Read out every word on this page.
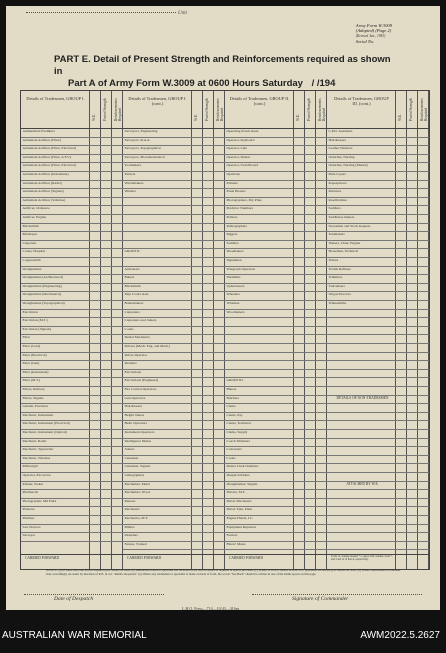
Unit
Army Form W.3009
(Adapted) (Page 2)
(Revised Jan., 1943)
Serial No.
PART E. Detail of Present Strength and Reinforcements required as shown in
Part A of Army Form W.3009 at 0600 Hours Saturday / /194
Details of Tradesmen, GROUP I.
W.E. Posted Strength Reinforcements Required
Ammunition Examiner
Armament Artificer (Fitter)
Armament Artificer (Fitter, Electrical)
Armament Artificer (Fitter, A.F.V.)
Armament Artificer (Fitter, Electrical)
Armament Artificer (Instrument)
Armament Artificer (Radio)
Armament Artificer (Signals)
Armament Artificer (Vehicles)
Artificer, Ordnance
Artificer, Engine
Blacksmith
Bricklayer
Carpenter
Cooks, Hospital
Coppersmith
Draughtsman
Draughtsman (Architectural)
Draughtsman (Engineering)
Draughtsman (Mechanical)
Draughtsman (Topographical)
Electrician
Electrician (M.T.)
Electrician (Signals)
Fitter
Fitter (Cold)
Fitter (Electrical)
Fitter (Gun)
Fitter (Instrument)
Fitter (M.T.)
Fitters, Railway
Fitters, Signals
Grinder, Precision
Mechanic, Instrument
Mechanic, Instrument (Electrical)
Mechanic, Instrument (Optical)
Mechanic, Radio
Mechanic, Typewriter
Mechanic, Wireless
Millwright
Operator, Excavator
Painter, Stoker
Pharmacist
Photographer, Mil Field
Plasterer
Plumber
Saw Doctors
Surveyor
CARRIED FORWARD
Details of Tradesmen, GROUP I. (cont.)
W.E. Posted Strength Reinforcements Required
Surveyors, Engineering
Surveyors, R.A.A.
Surveyors, Topographical
Surveyors, Photomechanical
Toolmakers
Turners
Watchmakers
Welders
GROUP II.
Armourers
Bakers
Blacksmith
Ship Cook's Asst.
Boilermakers
Carpenters
Carpenters and Joiners
Cooks
Dental Mechanics
Drivers (Mech. Eng. and Mach.)
Driver-Operator
Drainers
Electricians
Electricians (Engineers)
Fire Control Operators
Gun Operators
Hairdressers
Height Takers
Helio Operators
Instrument Operators
Intelligence Duties
Joiners
Linesmen
Linesmen, Signals
Lithographers
Machinists, Metal
Machinists, Wood
Masons
Mechanics
Mechanics, M.T.
Millers
Moulders
Nurses, Trained
CARRIED FORWARD
Details of Tradesmen, GROUP II. (cont.)
W.E. Posted Strength Reinforcements Required
Operating Room Assts.
Operator, Keyboard
Operator, Line
Operator, Dental
Operator, Switchboard
Opticians
Painters
Panel Beaters
Photographers, Dry Plate
Predictor Numbers
Printers
Radiographers
Riggers
Saddlers
Shoemakers
Signalmen
Telegraph Operators
Tinsmiths
Upholsterers
Wheelers
Wiremen
Woodturners
GROUP III.
Bakers
Butchers
Clerks
Clerks, Pay
Clerks, Technical
Clerks, Supply
Coach Trimmers
Concreters
Cooks
Dental Clerk Orderlies
Despatch Riders
Draughtsmen, Signals
Drivers, M.T.
Driver Mechanics
Driver Tptn, Plant
Engine Hands, I.C.
Equipment Repairers
Farriers
Fitters' Mates
CARRIED FORWARD
Details of Tradesmen, GROUP III. (cont.)
W.E. Posted Strength Reinforcements Required
C.P.O. Assistants
Hairdressers
Leather Stitchers
Orderlies, Nursing
Orderlies, Nursing (Mental)
Plate Layers
Ropesplicers
Rivetters
Roadbrickies
Saddlers
Saddletree makers
Storesmen and Stock Keepers
Tentmakers
Tinkers, Chair, Engine
Horsemen, Technical
Tailors
Textile Refiners
Trimmers
Vulcanisers
Wagon Erectors
Whitesmiths
Totals of columns marked * to agree with columns 4 and 7, and 3 and 12 of Part A, respectively.
DETAILS OF NON-TRADESMEN
ATTACHED BY W.E.
NOTES—(a) If more than one form is required give details on back. (b) Authorized trades or specialist not included in list will be added as required in spaces provided. (c) Where A.W.A.S. and/or A.A.M.W.S. personnel are shown give details on back. (d) Where replacement on demand state accordingly on return by insertion of R.E. in col. "Reinfs. Required." (e) Where any tradesman or specialist is made on back of form, the words "See Back" should be written in one of the blank spaces on this page.
Date of Despatch	Signature of Commander
L.H.Q. Press—714—10/43—416m.
AUSTRALIAN WAR MEMORIAL	AWM2022.5.2627
